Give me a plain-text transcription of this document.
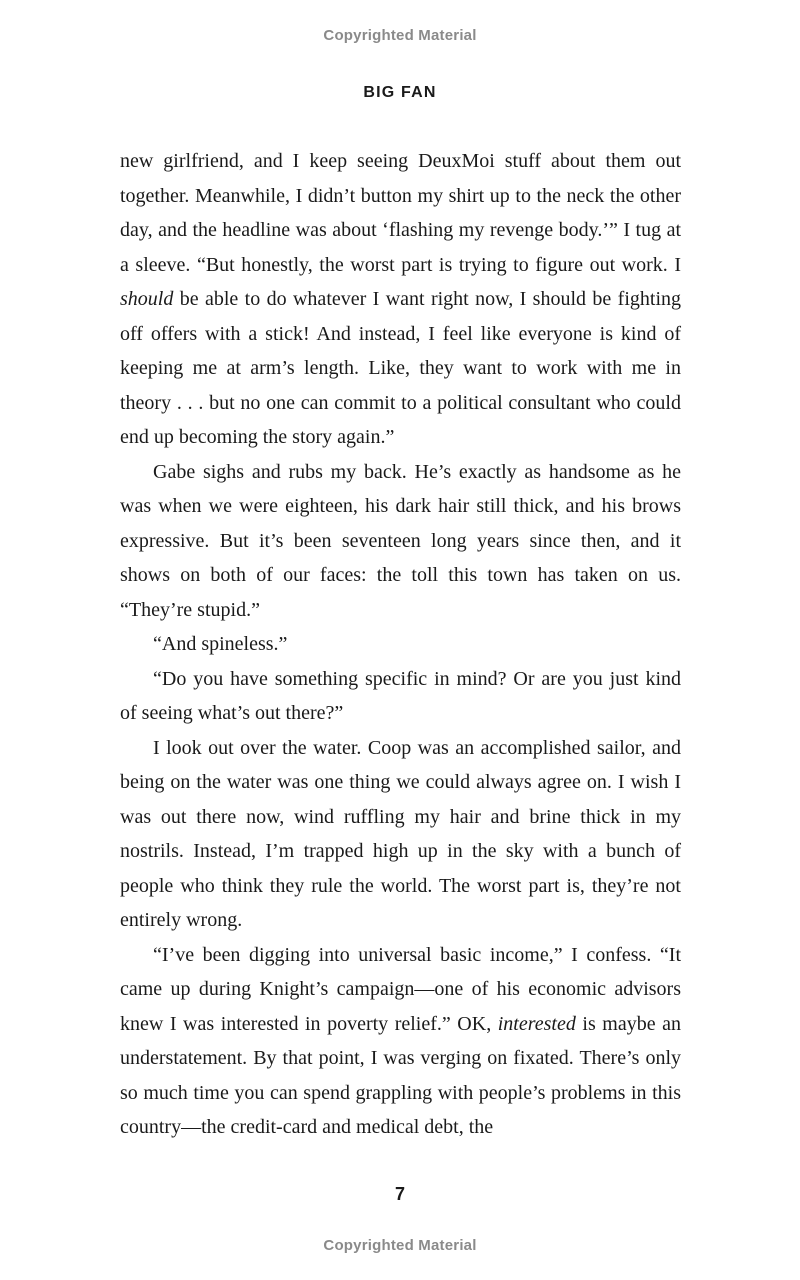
Copyrighted Material
BIG FAN

new girlfriend, and I keep seeing DeuxMoi stuff about them out together. Meanwhile, I didn’t button my shirt up to the neck the other day, and the headline was about ‘flashing my revenge body.’” I tug at a sleeve. “But honestly, the worst part is trying to figure out work. I should be able to do whatever I want right now, I should be fighting off offers with a stick! And instead, I feel like everyone is kind of keeping me at arm’s length. Like, they want to work with me in theory . . . but no one can commit to a political consultant who could end up becoming the story again.”

Gabe sighs and rubs my back. He’s exactly as handsome as he was when we were eighteen, his dark hair still thick, and his brows expressive. But it’s been seventeen long years since then, and it shows on both of our faces: the toll this town has taken on us. “They’re stupid.”

“And spineless.”

“Do you have something specific in mind? Or are you just kind of seeing what’s out there?”

I look out over the water. Coop was an accomplished sailor, and being on the water was one thing we could always agree on. I wish I was out there now, wind ruffling my hair and brine thick in my nostrils. Instead, I’m trapped high up in the sky with a bunch of people who think they rule the world. The worst part is, they’re not entirely wrong.

“I’ve been digging into universal basic income,” I confess. “It came up during Knight’s campaign—one of his economic advisors knew I was interested in poverty relief.” OK, interested is maybe an understatement. By that point, I was verging on fixated. There’s only so much time you can spend grappling with people’s problems in this country—the credit-card and medical debt, the

7
Copyrighted Material
